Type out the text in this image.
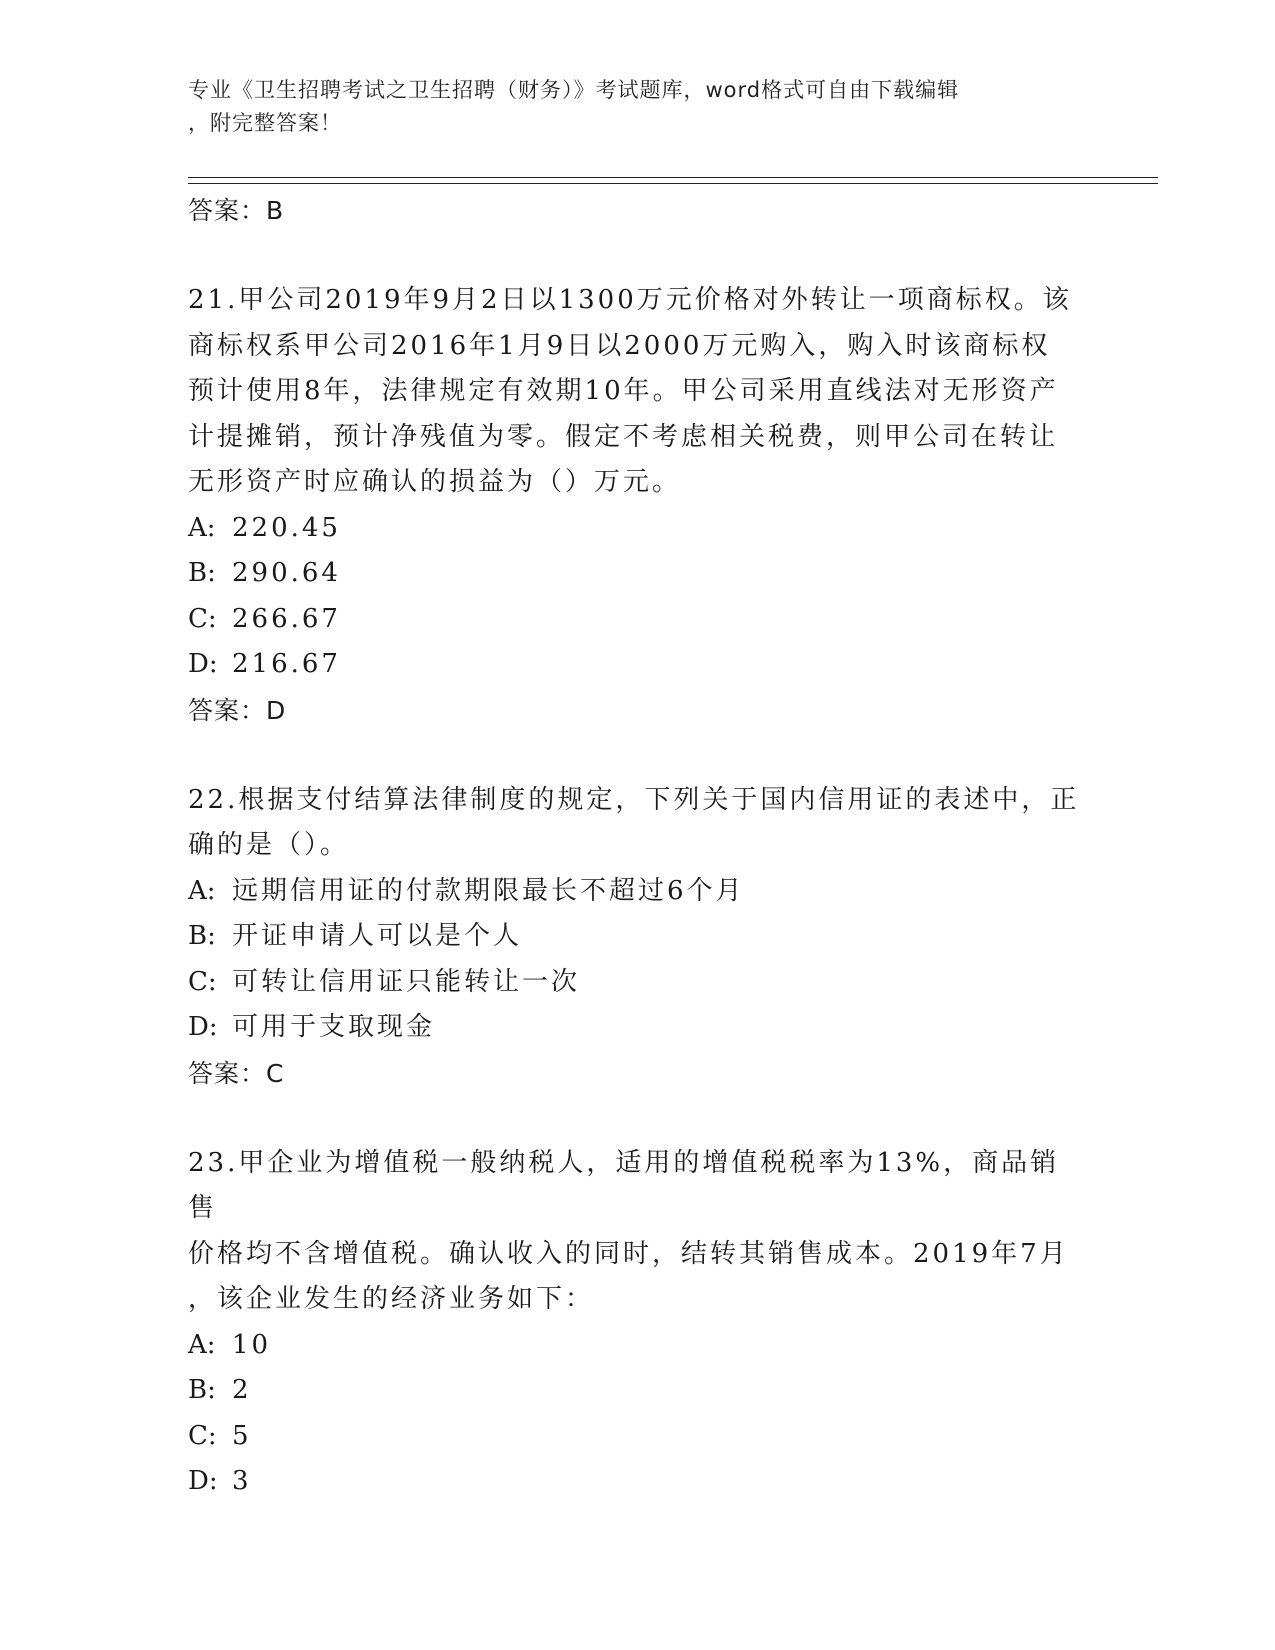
专业《卫生招聘考试之卫生招聘（财务）》考试题库，word格式可自由下载编辑
，附完整答案！
答案：B
21.甲公司2019年9月2日以1300万元价格对外转让一项商标权。该
商标权系甲公司2016年1月9日以2000万元购入，购入时该商标权
预计使用8年，法律规定有效期10年。甲公司采用直线法对无形资产
计提摊销，预计净残值为零。假定不考虑相关税费，则甲公司在转让
无形资产时应确认的损益为（）万元。
A: 220.45
B: 290.64
C: 266.67
D: 216.67
答案：D
22.根据支付结算法律制度的规定，下列关于国内信用证的表述中，正
确的是（）。
A: 远期信用证的付款期限最长不超过6个月
B: 开证申请人可以是个人
C: 可转让信用证只能转让一次
D: 可用于支取现金
答案：C
23.甲企业为增值税一般纳税人，适用的增值税税率为13%，商品销售
价格均不含增值税。确认收入的同时，结转其销售成本。2019年7月
，该企业发生的经济业务如下：
A: 10
B: 2
C: 5
D: 3
